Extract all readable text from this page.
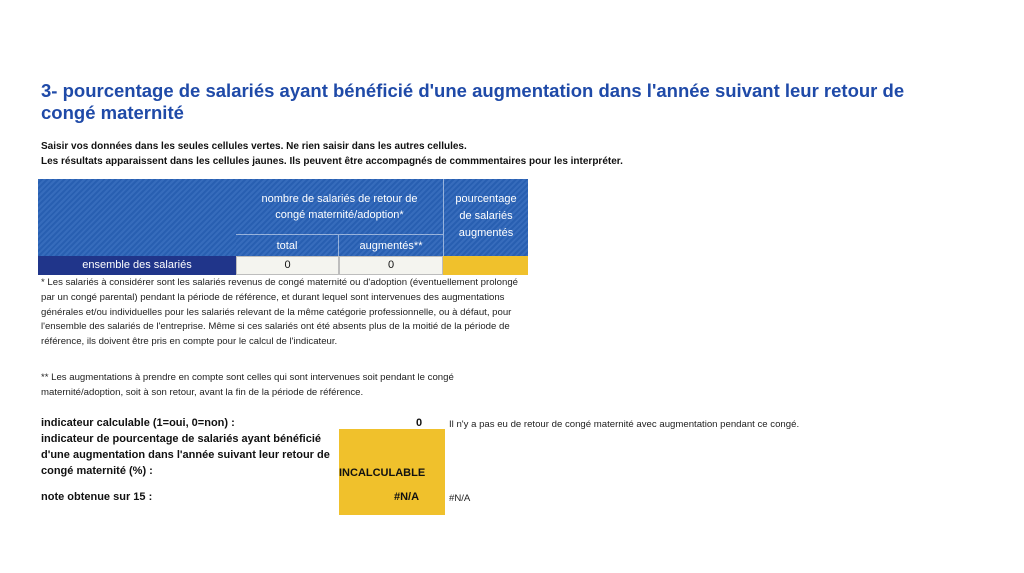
3- pourcentage de salariés ayant bénéficié d'une augmentation dans l'année suivant leur retour de congé maternité
Saisir vos données dans les seules cellules vertes. Ne rien saisir dans les autres cellules.
Les résultats apparaissent dans les cellules jaunes. Ils peuvent être accompagnés de commmentaires pour les interpréter.
nombre de salariés de retour de congé maternité/adoption*
pourcentage de salariés augmentés
total	augmentés**
ensemble des salariés	0	0
* Les salariés à considérer sont les salariés revenus de congé maternité ou d'adoption (éventuellement prolongé par un congé parental) pendant la période de référence, et durant lequel sont intervenues des augmentations générales et/ou individuelles pour les salariés relevant de la même catégorie professionnelle, ou à défaut, pour l'ensemble des salariés de l'entreprise. Même si ces salariés ont été absents plus de la moitié de la période de référence, ils doivent être pris en compte pour le calcul de l'indicateur.
** Les augmentations à prendre en compte sont celles qui sont intervenues soit pendant le congé maternité/adoption, soit à son retour, avant la fin de la période de référence.
indicateur calculable (1=oui, 0=non) :	0	Il n'y a pas eu de retour de congé maternité avec augmentation pendant ce congé.
indicateur de pourcentage de salariés ayant bénéficié d'une augmentation dans l'année suivant leur retour de congé maternité (%) :	INCALCULABLE
note obtenue sur 15 :	#N/A	#N/A
